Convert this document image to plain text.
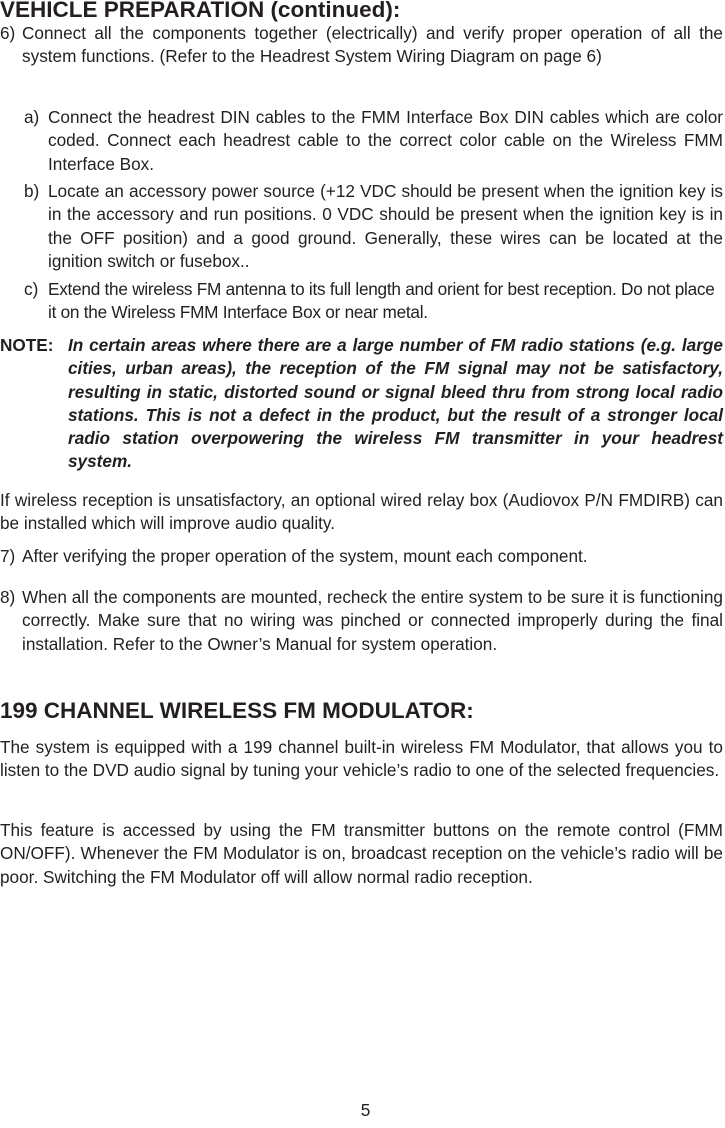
VEHICLE PREPARATION (continued):
6) Connect all the components together (electrically) and verify proper operation of all the system functions. (Refer to the Headrest System Wiring Diagram on page 6)

a) Connect the headrest DIN cables to the FMM Interface Box DIN cables which are color coded. Connect each headrest cable to the correct color cable on the Wireless FMM Interface Box.

b) Locate an accessory power source (+12 VDC should be present when the ignition key is in the accessory and run positions. 0 VDC should be present when the ignition key is in the OFF position) and a good ground. Generally, these wires can be located at the ignition switch or fusebox..

c) Extend the wireless FM antenna to its full length and orient for best reception. Do not place it on the Wireless FMM Interface Box or near metal.

NOTE: In certain areas where there are a large number of FM radio stations (e.g. large cities, urban areas), the reception of the FM signal may not be satisfactory, resulting in static, distorted sound or signal bleed thru from strong local radio stations. This is not a defect in the product, but the result of a stronger local radio station overpowering the wireless FM transmitter in your headrest system.

If wireless reception is unsatisfactory, an optional wired relay box (Audiovox P/N FMDIRB) can be installed which will improve audio quality.

7) After verifying the proper operation of the system, mount each component.

8) When all the components are mounted, recheck the entire system to be sure it is functioning correctly. Make sure that no wiring was pinched or connected improperly during the final installation. Refer to the Owner’s Manual for system operation.

199 CHANNEL WIRELESS FM MODULATOR:

The system is equipped with a 199 channel built-in wireless FM Modulator, that allows you to listen to the DVD audio signal by tuning your vehicle’s radio to one of the selected frequencies.

This feature is accessed by using the FM transmitter buttons on the remote control (FMM ON/OFF). Whenever the FM Modulator is on, broadcast reception on the vehicle’s radio will be poor. Switching the FM Modulator off will allow normal radio reception.

5
